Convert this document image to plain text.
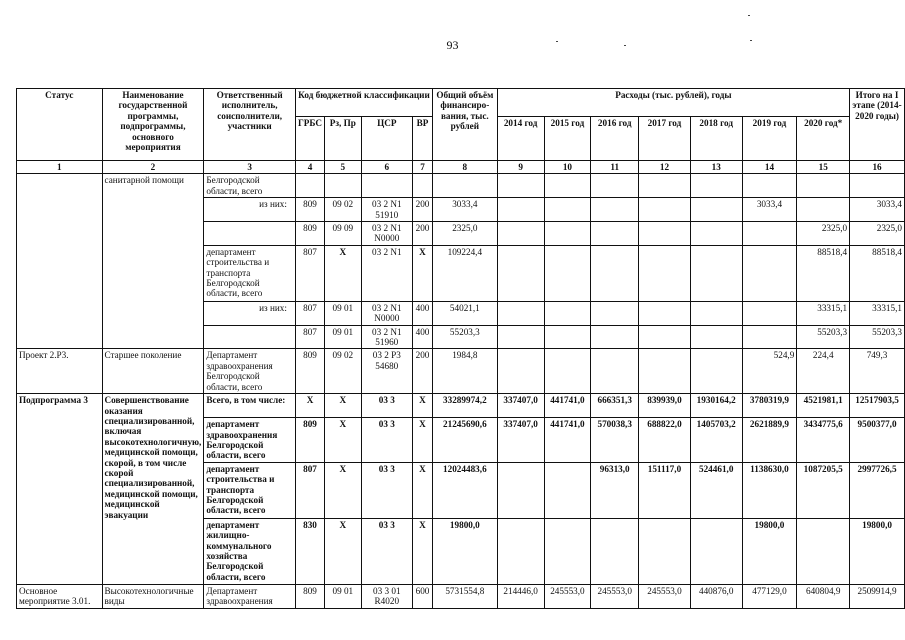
93
Статус	Наименование государственной программы, подпрограммы, основного мероприятия	Ответственный исполнитель, соисполнители, участники	Код бюджетной классификации				Общий объём финансиро-вания, тыс. рублей	Расходы (тыс. рублей), годы							Итого на I этапе (2014-2020 годы)
			ГРБС	Рз, Пр	ЦСР	ВР		2014 год	2015 год	2016 год	2017 год	2018 год	2019 год	2020 год*	
1	2	3	4	5	6	7	8	9	10	11	12	13	14	15	16
	санитарной помощи	Белгородской области, всего													
		из них:	809	09 02	03 2 N1 51910	200	3033,4						3033,4		3033,4
			809	09 09	03 2 N1 N0000	200	2325,0							2325,0	2325,0
		департамент строительства и транспорта Белгородской области, всего	807	X	03 2 N1	X	109224,4							88518,4	88518,4
		из них:	807	09 01	03 2 N1 N0000	400	54021,1							33315,1	33315,1
			807	09 01	03 2 N1 51960	400	55203,3							55203,3	55203,3
Проект 2.Р3.	Старшее поколение	Департамент здравоохранения Белгородской области, всего	809	09 02	03 2 Р3 54680	200	1984,8						524,9	224,4	749,3
Подпрограмма 3	Совершенствование оказания специализированной, включая высокотехнологичную, медицинской помощи, скорой, в том числе скорой специализированной, медицинской помощи, медицинской эвакуации	Всего, в том числе:	X	X	03 3	X	33289974,2	337407,0	441741,0	666351,3	839939,0	1930164,2	3780319,9	4521981,1	12517903,5
		департамент здравоохранения Белгородской области, всего	809	X	03 3	X	21245690,6	337407,0	441741,0	570038,3	688822,0	1405703,2	2621889,9	3434775,6	9500377,0
		департамент строительства и транспорта Белгородской области, всего	807	X	03 3	X	12024483,6			96313,0	151117,0	524461,0	1138630,0	1087205,5	2997726,5
		департамент жилищно-коммунального хозяйства Белгородской области, всего	830	X	03 3	X	19800,0						19800,0		19800,0
Основное мероприятие 3.01.	Высокотехнологичные виды	Департамент здравоохранения	809	09 01	03 3 01 R4020	600	5731554,8	214446,0	245553,0	245553,0	245553,0	440876,0	477129,0	640804,9	2509914,9
